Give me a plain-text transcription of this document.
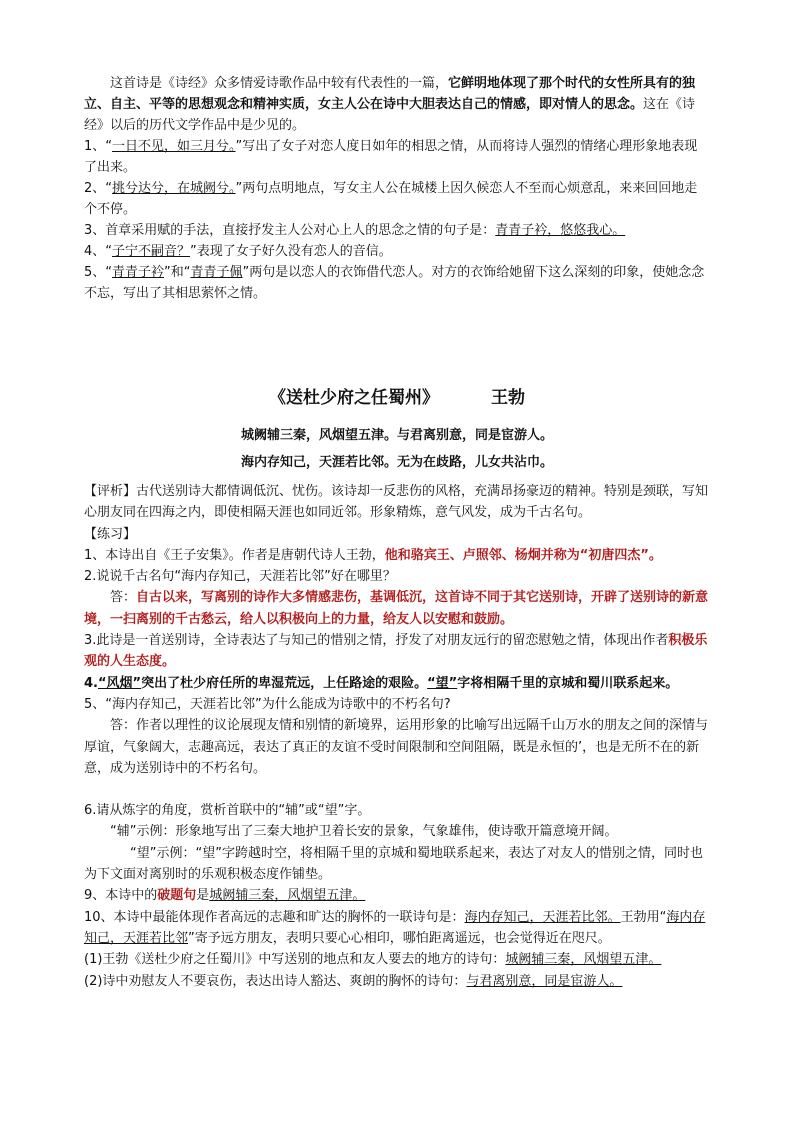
这首诗是《诗经》众多情爱诗歌作品中较有代表性的一篇，它鲜明地体现了那个时代的女性所具有的独立、自主、平等的思想观念和精神实质，女主人公在诗中大胆表达自己的情感，即对情人的思念。这在《诗经》以后的历代文学作品中是少见的。

1、“一日不见，如三月兮。”写出了女子对恋人度日如年的相思之情，从而将诗人强烈的情绪心理形象地表现了出来。

2、“挑兮达兮，在城阙兮。”两句点明地点，写女主人公在城楼上因久候恋人不至而心烦意乱，来来回回地走个不停。

3、首章采用赋的手法，直接抒发主人公对心上人的思念之情的句子是：青青子衿，悠悠我心。

4、“子宁不嗣音？”表现了女子好久没有恋人的音信。

5、“青青子衿”和“青青子佩”两句是以恋人的衣饰借代恋人。对方的衣饰给她留下这么深刻的印象，使她念念不忘，写出了其相思萦怀之情。

《送杜少府之任蜀州》	王勃
城阙辅三秦，风烟望五津。与君离别意，同是宦游人。
海内存知己，天涯若比邻。无为在歧路，儿女共沾巾。

【评析】古代送别诗大都情调低沉、忧伤。该诗却一反悲伤的风格，充满昂扬豪迈的精神。特别是颈联，写知心朋友同在四海之内，即使相隔天涯也如同近邻。形象精炼，意气风发，成为千古名句。

【练习】

1、本诗出自《王子安集》。作者是唐朝代诗人王勃，他和骆宾王、卢照邻、杨炯并称为“初唐四杰”。

2.说说千古名句“海内存知己，天涯若比邻”好在哪里？

答：自古以来，写离别的诗作大多情感悲伤，基调低沉，这首诗不同于其它送别诗，开辟了送别诗的新意境，一扫离别的千古愁云，给人以积极向上的力量，给友人以安慰和鼓励。

3.此诗是一首送别诗，全诗表达了与知己的惜别之情，抒发了对朋友远行的留恋慰勉之情，体现出作者积极乐观的人生态度。

4.“风烟”突出了杜少府任所的卑湿荒远，上任路途的艰险。“望”字将相隔千里的京城和蜀川联系起来。

5、“海内存知己，天涯若比邻”为什么能成为诗歌中的不朽名句?

答：作者以理性的议论展现友情和别情的新境界，运用形象的比喻写出远隔千山万水的朋友之间的深情与厚谊，气象阔大，志趣高远，表达了真正的友谊不受时间限制和空间阻隔，既是永恒的’，也是无所不在的新意，成为送别诗中的不朽名句。

6.请从炼字的角度，赏析首联中的“辅”或“望”字。

“辅”示例：形象地写出了三秦大地护卫着长安的景象，气象雄伟，使诗歌开篇意境开阔。

“望”示例：“望”字跨越时空，将相隔千里的京城和蜀地联系起来，表达了对友人的惜别之情，同时也为下文面对离别时的乐观积极态度作铺垫。

9、本诗中的破题句是城阙辅三秦，风烟望五津。

10、本诗中最能体现作者高远的志趣和旷达的胸怀的一联诗句是：海内存知己，天涯若比邻。王勃用“海内存知己，天涯若比邻”寄予远方朋友，表明只要心心相印，哪怕距离遥远，也会觉得近在咫尺。

(1)王勃《送杜少府之任蜀川》中写送别的地点和友人要去的地方的诗句：城阙辅三秦，风烟望五津。

(2)诗中劝慰友人不要哀伤，表达出诗人豁达、爽朗的胸怀的诗句：与君离别意，同是宦游人。
